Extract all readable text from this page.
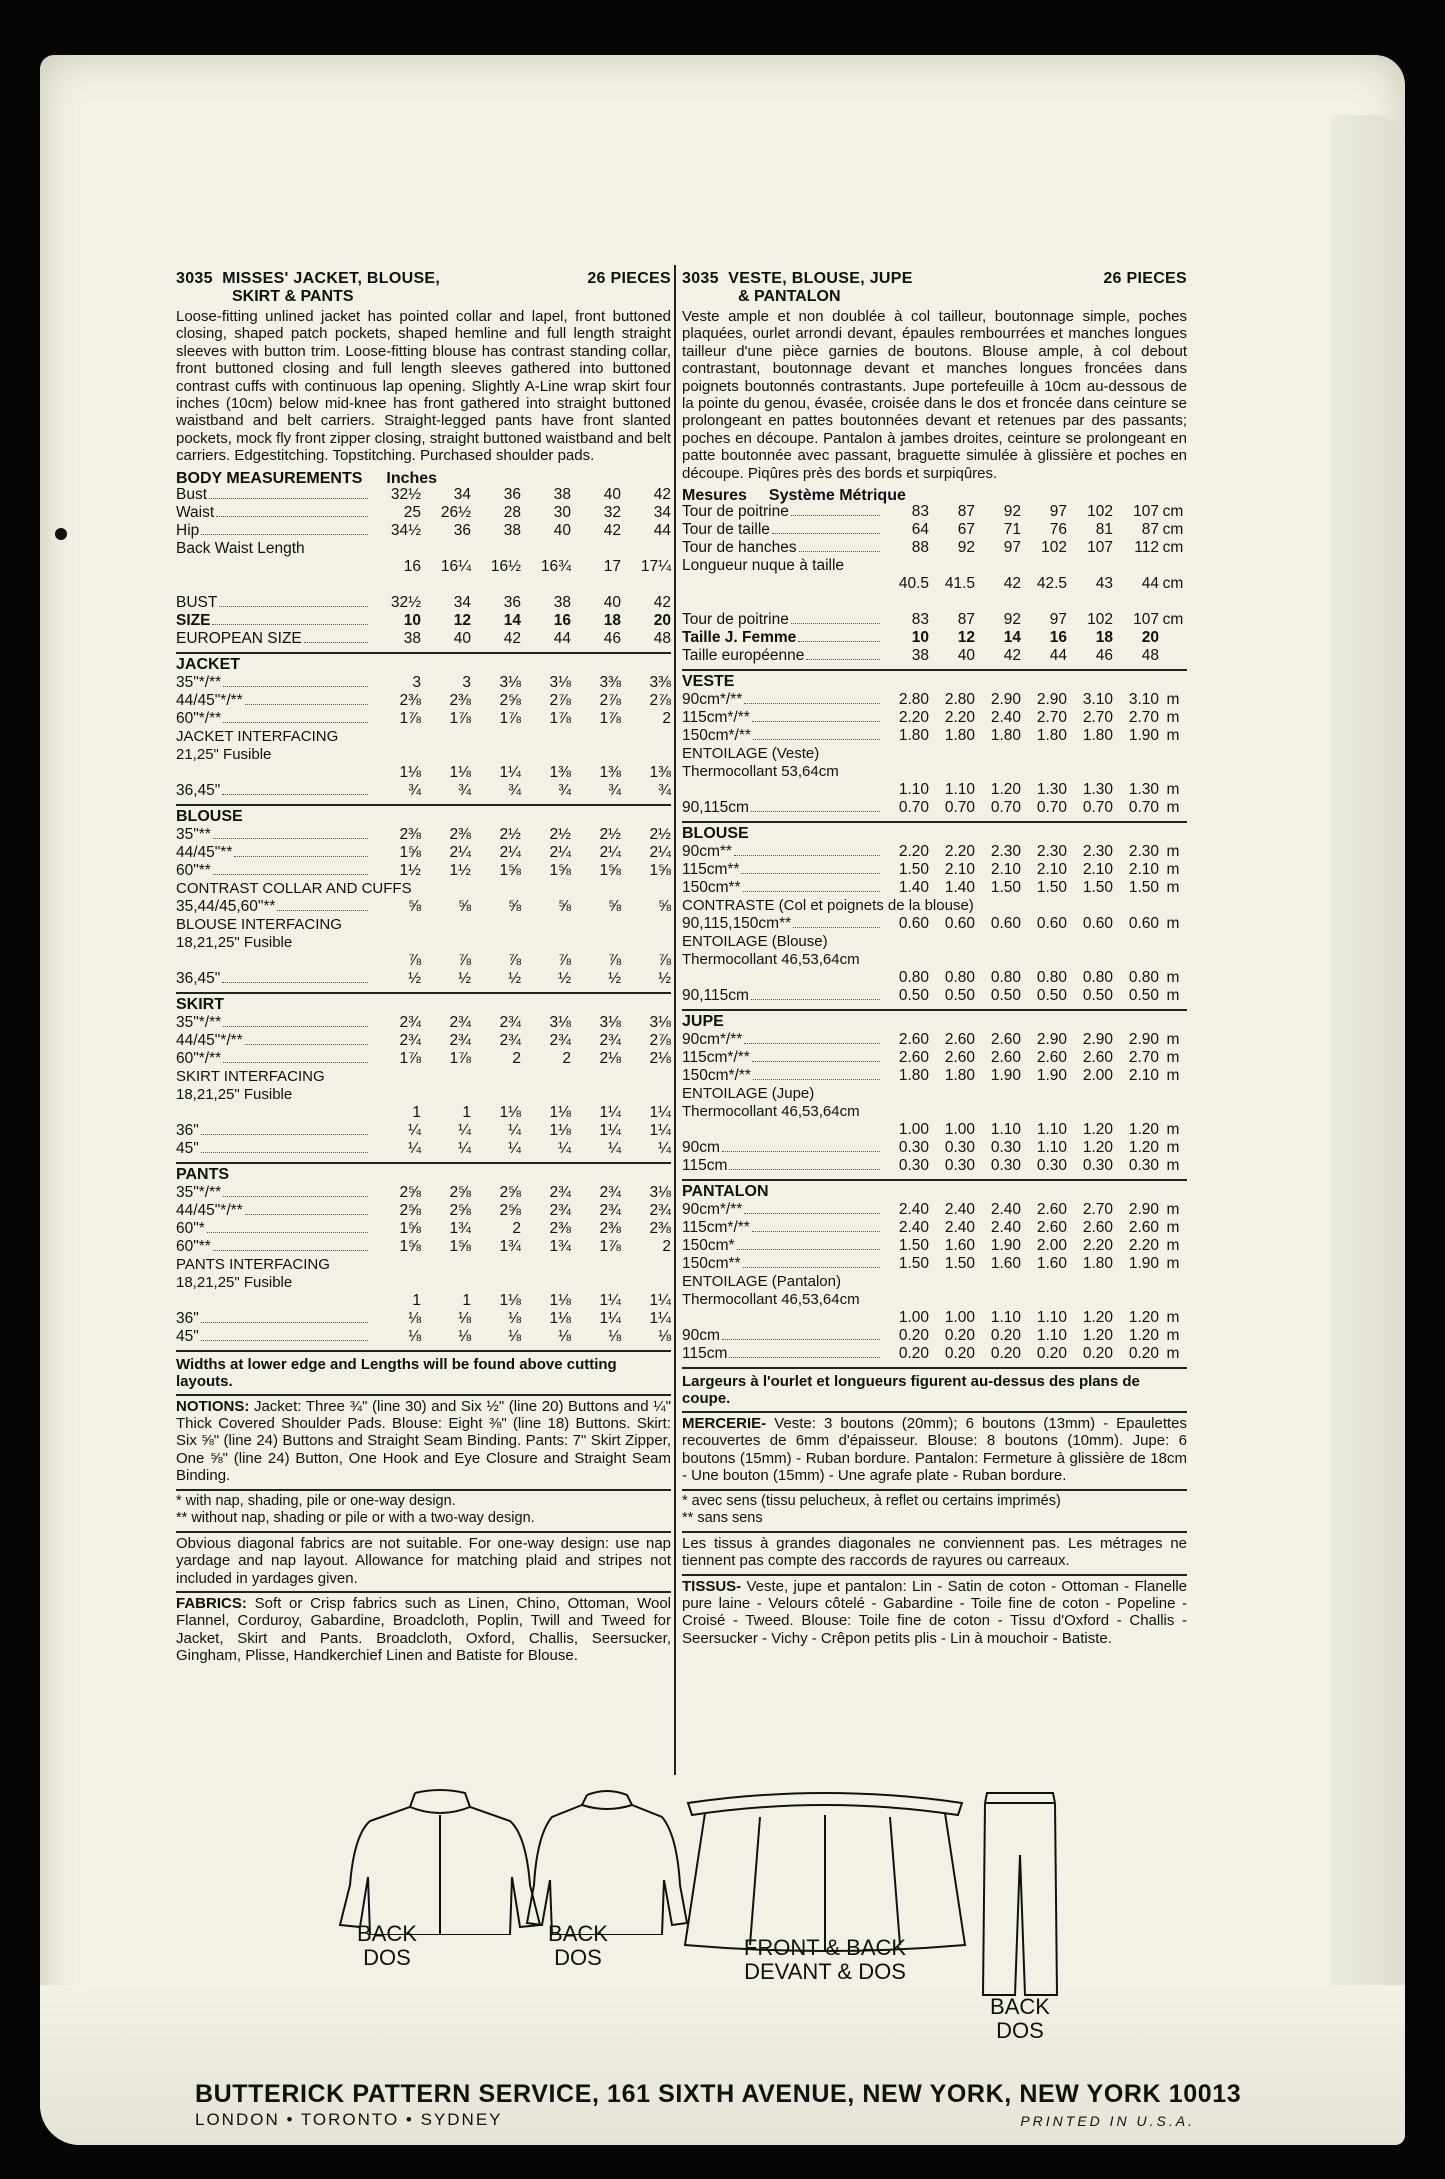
3035 MISSES' JACKET, BLOUSE,	26 PIECES
SKIRT & PANTS
Loose-fitting unlined jacket has pointed collar and lapel, front buttoned closing, shaped patch pockets, shaped hemline and full length straight sleeves with button trim. Loose-fitting blouse has contrast standing collar, front buttoned closing and full length sleeves gathered into buttoned contrast cuffs with continuous lap opening. Slightly A-Line wrap skirt four inches (10cm) below mid-knee has front gathered into straight buttoned waistband and belt carriers. Straight-legged pants have front slanted pockets, mock fly front zipper closing, straight buttoned waistband and belt carriers. Edgestitching. Topstitching. Purchased shoulder pads.
BODY MEASUREMENTS Inches
Bust	32½	34	36	38	40	42
Waist	25	26½	28	30	32	34
Hip	34½	36	38	40	42	44
Back Waist Length
16	16¼	16½	16¾	17	17¼
BUST	32½	34	36	38	40	42
SIZE	10	12	14	16	18	20
EUROPEAN SIZE	38	40	42	44	46	48
JACKET
35"*/**	3	3	3⅛	3⅛	3⅜	3⅜
44/45"*/**	2⅜	2⅜	2⅝	2⅞	2⅞	2⅞
60"*/**	1⅞	1⅞	1⅞	1⅞	1⅞	2
JACKET INTERFACING
21,25" Fusible
1⅛	1⅛	1¼	1⅜	1⅜	1⅜
36,45"	¾	¾	¾	¾	¾	¾
BLOUSE
35"**	2⅜	2⅜	2½	2½	2½	2½
44/45"**	1⅝	2¼	2¼	2¼	2¼	2¼
60"**	1½	1½	1⅝	1⅝	1⅝	1⅝
CONTRAST COLLAR AND CUFFS
35,44/45,60"**	⅝	⅝	⅝	⅝	⅝	⅝
BLOUSE INTERFACING
18,21,25" Fusible
⅞	⅞	⅞	⅞	⅞	⅞
36,45"	½	½	½	½	½	½
SKIRT
35"*/**	2¾	2¾	2¾	3⅛	3⅛	3⅛
44/45"*/**	2¾	2¾	2¾	2¾	2¾	2⅞
60"*/**	1⅞	1⅞	2	2	2⅛	2⅛
SKIRT INTERFACING
18,21,25" Fusible
1	1	1⅛	1⅛	1¼	1¼
36"	¼	¼	¼	1⅛	1¼	1¼
45"	¼	¼	¼	¼	¼	¼
PANTS
35"*/**	2⅝	2⅝	2⅝	2¾	2¾	3⅛
44/45"*/**	2⅝	2⅝	2⅝	2¾	2¾	2¾
60"*	1⅝	1¾	2	2⅜	2⅜	2⅜
60"**	1⅝	1⅝	1¾	1¾	1⅞	2
PANTS INTERFACING
18,21,25" Fusible
1	1	1⅛	1⅛	1¼	1¼
36"	⅛	⅛	⅛	1⅛	1¼	1¼
45"	⅛	⅛	⅛	⅛	⅛	⅛
Widths at lower edge and Lengths will be found above cutting layouts.
NOTIONS: Jacket: Three ¾" (line 30) and Six ½" (line 20) Buttons and ¼" Thick Covered Shoulder Pads. Blouse: Eight ⅜" (line 18) Buttons. Skirt: Six ⅝" (line 24) Buttons and Straight Seam Binding. Pants: 7" Skirt Zipper, One ⅝" (line 24) Button, One Hook and Eye Closure and Straight Seam Binding.
* with nap, shading, pile or one-way design.
** without nap, shading or pile or with a two-way design.
Obvious diagonal fabrics are not suitable. For one-way design: use nap yardage and nap layout. Allowance for matching plaid and stripes not included in yardages given.
FABRICS: Soft or Crisp fabrics such as Linen, Chino, Ottoman, Wool Flannel, Corduroy, Gabardine, Broadcloth, Poplin, Twill and Tweed for Jacket, Skirt and Pants. Broadcloth, Oxford, Challis, Seersucker, Gingham, Plisse, Handkerchief Linen and Batiste for Blouse.
3035 VESTE, BLOUSE, JUPE	26 PIECES
& PANTALON
Veste ample et non doublée à col tailleur, boutonnage simple, poches plaquées, ourlet arrondi devant, épaules rembourrées et manches longues tailleur d'une pièce garnies de boutons. Blouse ample, à col debout contrastant, boutonnage devant et manches longues froncées dans poignets boutonnés contrastants. Jupe portefeuille à 10cm au-dessous de la pointe du genou, évasée, croisée dans le dos et froncée dans ceinture se prolongeant en pattes boutonnées devant et retenues par des passants; poches en découpe. Pantalon à jambes droites, ceinture se prolongeant en patte boutonnée avec passant, braguette simulée à glissière et poches en découpe. Piqûres près des bords et surpiqûres.
Mesures Système Métrique
Tour de poitrine	83	87	92	97	102	107 cm
Tour de taille	64	67	71	76	81	87 cm
Tour de hanches	88	92	97	102	107	112 cm
Longueur nuque à taille
40.5	41.5	42	42.5	43	44 cm
Tour de poitrine	83	87	92	97	102	107 cm
Taille J. Femme	10	12	14	16	18	20
Taille européenne	38	40	42	44	46	48
VESTE
90cm*/**	2.80	2.80	2.90	2.90	3.10	3.10 m
115cm*/**	2.20	2.20	2.40	2.70	2.70	2.70 m
150cm*/**	1.80	1.80	1.80	1.80	1.80	1.90 m
ENTOILAGE (Veste)
Thermocollant 53,64cm
1.10	1.10	1.20	1.30	1.30	1.30 m
90,115cm	0.70	0.70	0.70	0.70	0.70	0.70 m
BLOUSE
90cm**	2.20	2.20	2.30	2.30	2.30	2.30 m
115cm**	1.50	2.10	2.10	2.10	2.10	2.10 m
150cm**	1.40	1.40	1.50	1.50	1.50	1.50 m
CONTRASTE (Col et poignets de la blouse)
90,115,150cm**	0.60	0.60	0.60	0.60	0.60	0.60 m
ENTOILAGE (Blouse)
Thermocollant 46,53,64cm
0.80	0.80	0.80	0.80	0.80	0.80 m
90,115cm	0.50	0.50	0.50	0.50	0.50	0.50 m
JUPE
90cm*/**	2.60	2.60	2.60	2.90	2.90	2.90 m
115cm*/**	2.60	2.60	2.60	2.60	2.60	2.70 m
150cm*/**	1.80	1.80	1.90	1.90	2.00	2.10 m
ENTOILAGE (Jupe)
Thermocollant 46,53,64cm
1.00	1.00	1.10	1.10	1.20	1.20 m
90cm	0.30	0.30	0.30	1.10	1.20	1.20 m
115cm	0.30	0.30	0.30	0.30	0.30	0.30 m
PANTALON
90cm*/**	2.40	2.40	2.40	2.60	2.70	2.90 m
115cm*/**	2.40	2.40	2.40	2.60	2.60	2.60 m
150cm*	1.50	1.60	1.90	2.00	2.20	2.20 m
150cm**	1.50	1.50	1.60	1.60	1.80	1.90 m
ENTOILAGE (Pantalon)
Thermocollant 46,53,64cm
1.00	1.00	1.10	1.10	1.20	1.20 m
90cm	0.20	0.20	0.20	1.10	1.20	1.20 m
115cm	0.20	0.20	0.20	0.20	0.20	0.20 m
Largeurs à l'ourlet et longueurs figurent au-dessus des plans de coupe.
MERCERIE- Veste: 3 boutons (20mm); 6 boutons (13mm) - Epaulettes recouvertes de 6mm d'épaisseur. Blouse: 8 boutons (10mm). Jupe: 6 boutons (15mm) - Ruban bordure. Pantalon: Fermeture à glissière de 18cm - Une bouton (15mm) - Une agrafe plate - Ruban bordure.
* avec sens (tissu pelucheux, à reflet ou certains imprimés)
** sans sens
Les tissus à grandes diagonales ne conviennent pas. Les métrages ne tiennent pas compte des raccords de rayures ou carreaux.
TISSUS- Veste, jupe et pantalon: Lin - Satin de coton - Ottoman - Flanelle pure laine - Velours côtelé - Gabardine - Toile fine de coton - Popeline - Croisé - Tweed. Blouse: Toile fine de coton - Tissu d'Oxford - Challis - Seersucker - Vichy - Crêpon petits plis - Lin à mouchoir - Batiste.
BACK
DOS
BACK
DOS	FRONT & BACK
DEVANT & DOS
BACK
DOS
BUTTERICK PATTERN SERVICE, 161 SIXTH AVENUE, NEW YORK, NEW YORK 10013
LONDON • TORONTO • SYDNEY	PRINTED IN U.S.A.
